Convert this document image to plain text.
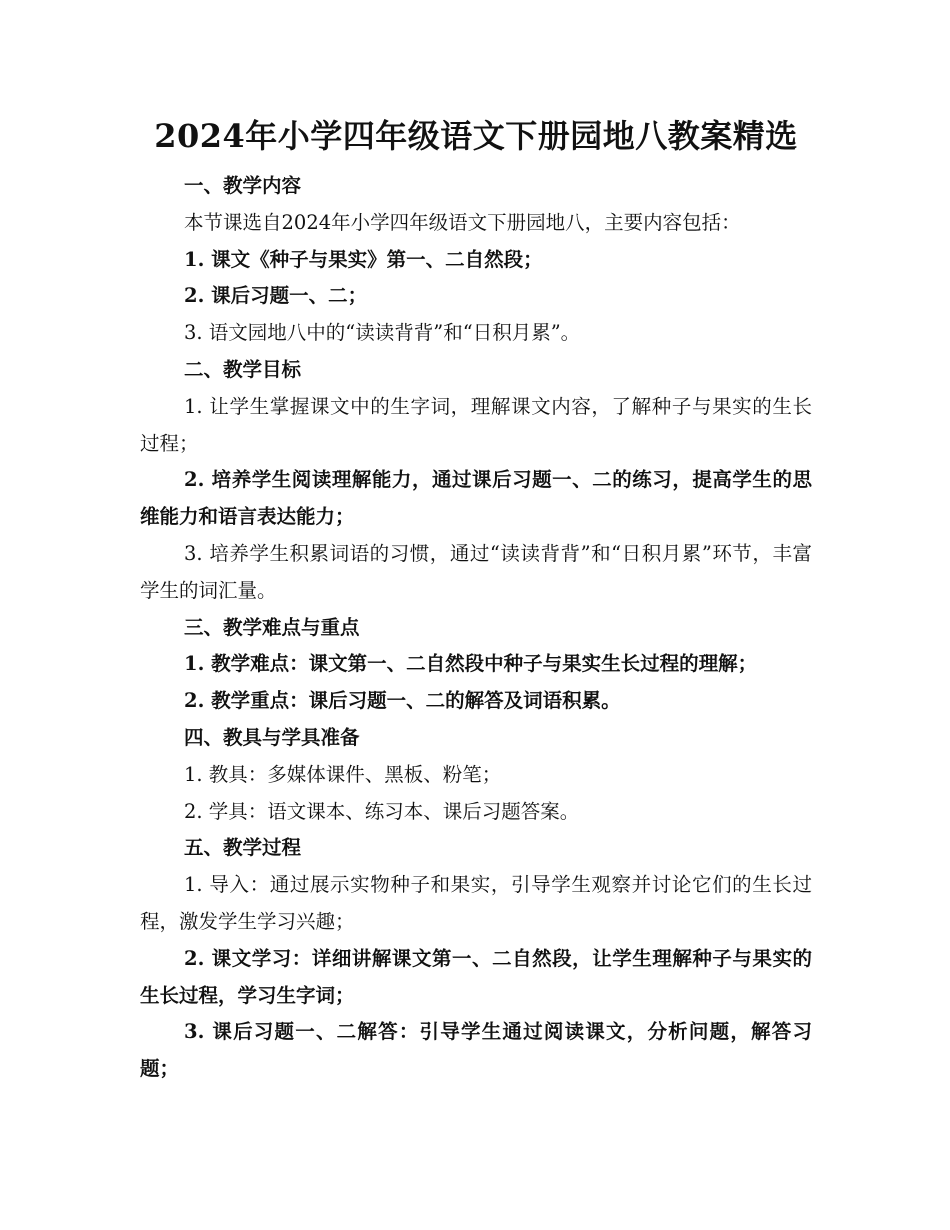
2024年小学四年级语文下册园地八教案精选

一、教学内容

本节课选自2024年小学四年级语文下册园地八，主要内容包括：

1. 课文《种子与果实》第一、二自然段；

2. 课后习题一、二；

3. 语文园地八中的“读读背背”和“日积月累”。

二、教学目标

1. 让学生掌握课文中的生字词，理解课文内容，了解种子与果实的生长过程；

2. 培养学生阅读理解能力，通过课后习题一、二的练习，提高学生的思维能力和语言表达能力；

3. 培养学生积累词语的习惯，通过“读读背背”和“日积月累”环节，丰富学生的词汇量。

三、教学难点与重点

1. 教学难点：课文第一、二自然段中种子与果实生长过程的理解；

2. 教学重点：课后习题一、二的解答及词语积累。

四、教具与学具准备

1. 教具：多媒体课件、黑板、粉笔；

2. 学具：语文课本、练习本、课后习题答案。

五、教学过程

1. 导入：通过展示实物种子和果实，引导学生观察并讨论它们的生长过程，激发学生学习兴趣；

2. 课文学习：详细讲解课文第一、二自然段，让学生理解种子与果实的生长过程，学习生字词；

3. 课后习题一、二解答：引导学生通过阅读课文，分析问题，解答习题；
